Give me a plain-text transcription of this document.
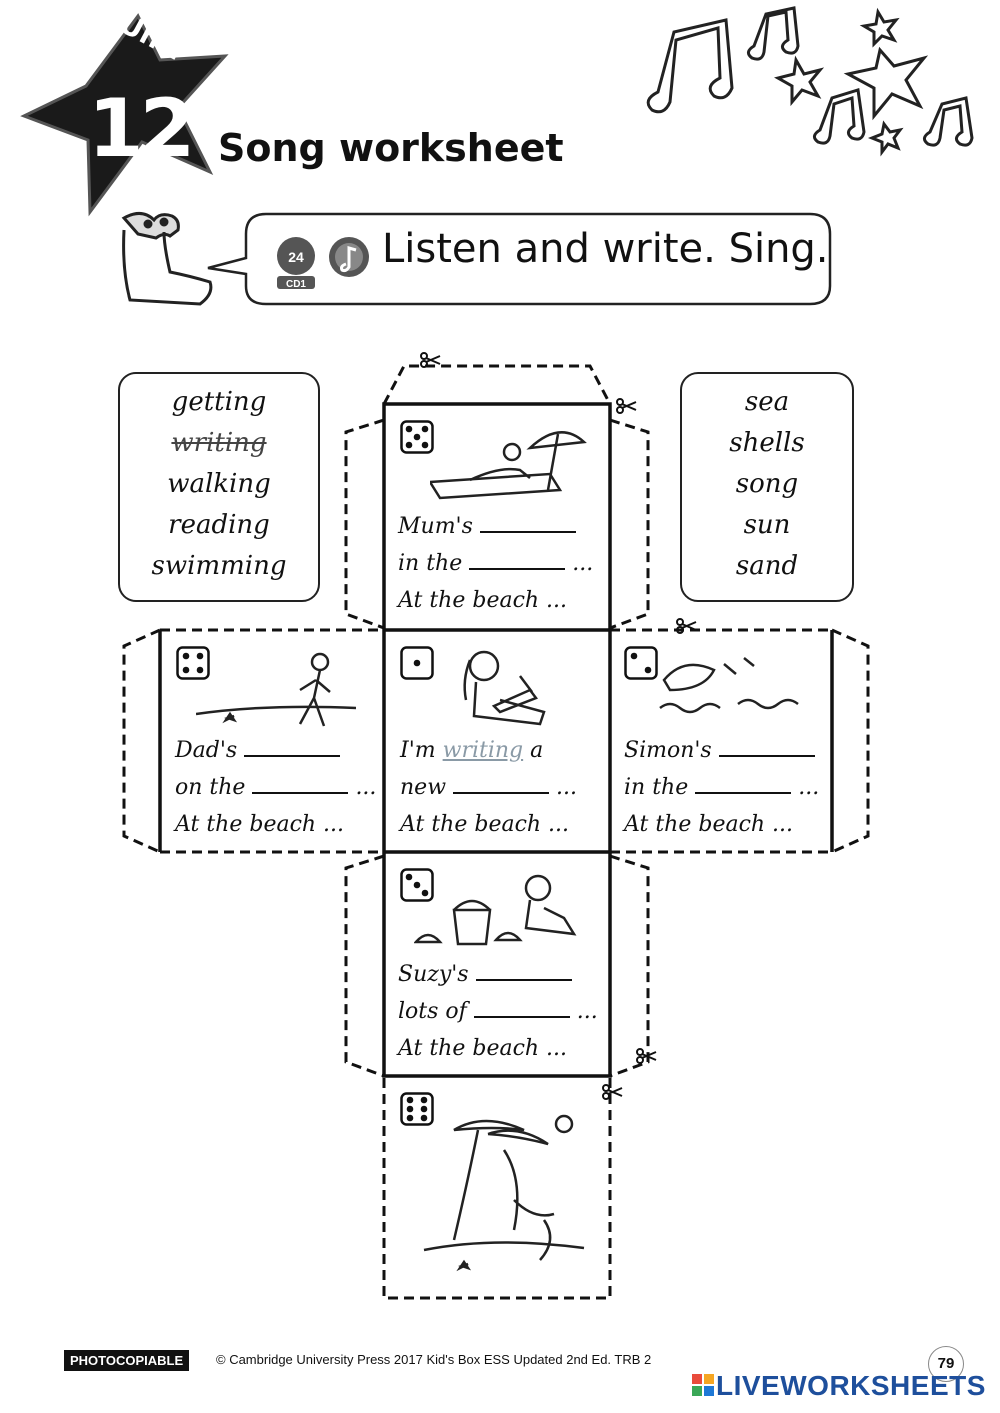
Unit
12 Song worksheet
24
CD1
Listen and write. Sing.
getting
writing
walking
reading
swimming
sea
shells
song
sun
sand
Mum's
in the	...
At the beach ...
Dad's
on the	...
At the beach ...
I'm writing a
new	...
At the beach ...
Simon's
in the	...
At the beach ...
Suzy's
lots of	...
At the beach ...
PHOTOCOPIABLE	© Cambridge University Press 2017 Kid's Box ESS Updated 2nd Ed. TRB 2	79
LIVEWORKSHEETS
